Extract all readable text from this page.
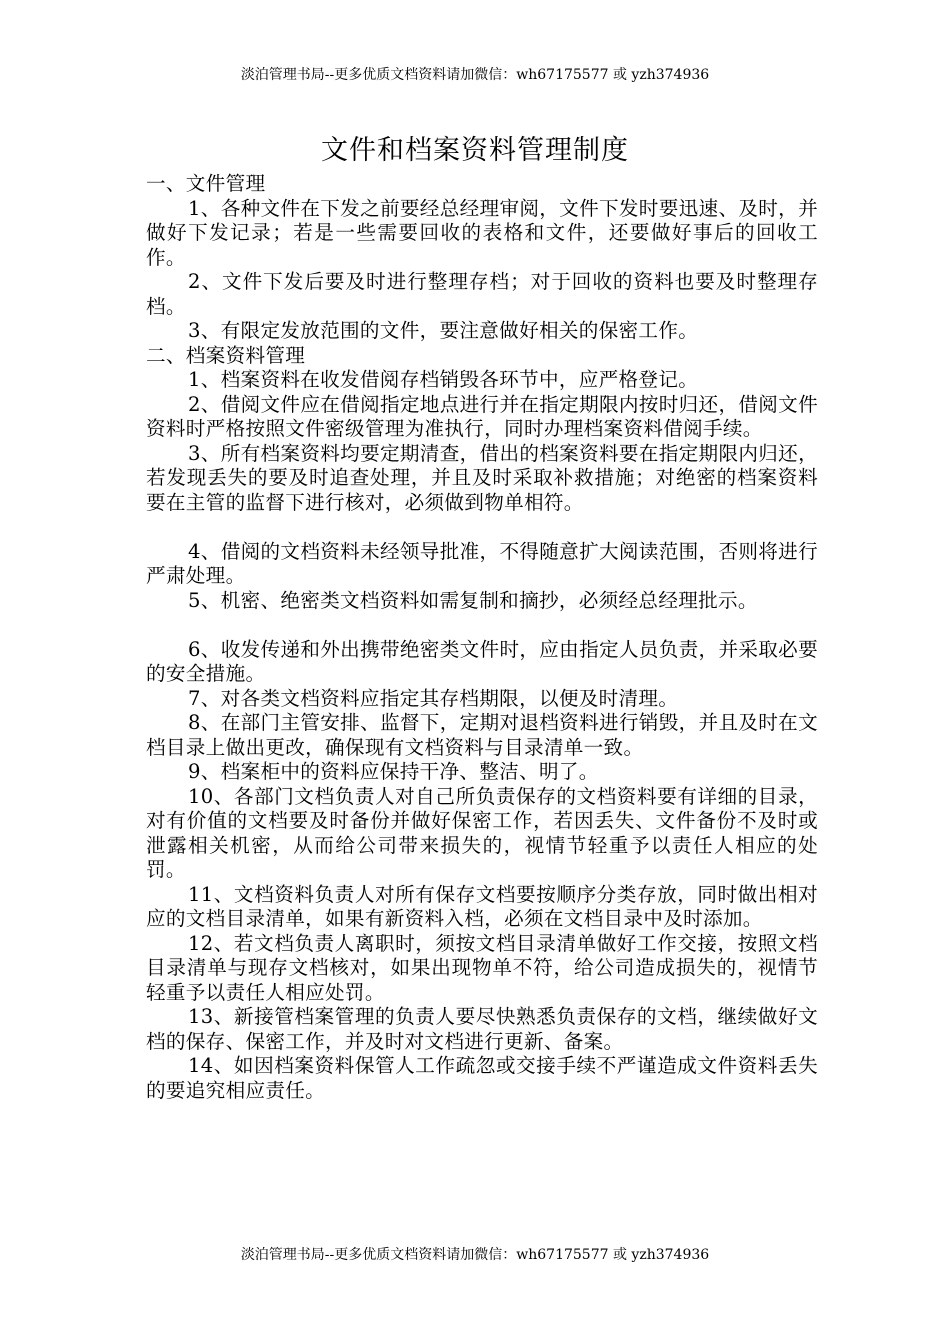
淡泊管理书局--更多优质文档资料请加微信：wh67175577 或 yzh374936
文件和档案资料管理制度
一、文件管理

1、各种文件在下发之前要经总经理审阅，文件下发时要迅速、及时，并做好下发记录；若是一些需要回收的表格和文件，还要做好事后的回收工作。

2、文件下发后要及时进行整理存档；对于回收的资料也要及时整理存档。

3、有限定发放范围的文件，要注意做好相关的保密工作。

二、档案资料管理

1、档案资料在收发借阅存档销毁各环节中，应严格登记。

2、借阅文件应在借阅指定地点进行并在指定期限内按时归还，借阅文件资料时严格按照文件密级管理为准执行，同时办理档案资料借阅手续。

3、所有档案资料均要定期清查，借出的档案资料要在指定期限内归还，若发现丢失的要及时追查处理，并且及时采取补救措施；对绝密的档案资料要在主管的监督下进行核对，必须做到物单相符。

4、借阅的文档资料未经领导批准，不得随意扩大阅读范围，否则将进行严肃处理。

5、机密、绝密类文档资料如需复制和摘抄，必须经总经理批示。

6、收发传递和外出携带绝密类文件时，应由指定人员负责，并采取必要的安全措施。

7、对各类文档资料应指定其存档期限，以便及时清理。

8、在部门主管安排、监督下，定期对退档资料进行销毁，并且及时在文档目录上做出更改，确保现有文档资料与目录清单一致。

9、档案柜中的资料应保持干净、整洁、明了。

10、各部门文档负责人对自己所负责保存的文档资料要有详细的目录，对有价值的文档要及时备份并做好保密工作，若因丢失、文件备份不及时或泄露相关机密，从而给公司带来损失的，视情节轻重予以责任人相应的处罚。

11、文档资料负责人对所有保存文档要按顺序分类存放，同时做出相对应的文档目录清单，如果有新资料入档，必须在文档目录中及时添加。

12、若文档负责人离职时，须按文档目录清单做好工作交接，按照文档目录清单与现存文档核对，如果出现物单不符，给公司造成损失的，视情节轻重予以责任人相应处罚。

13、新接管档案管理的负责人要尽快熟悉负责保存的文档，继续做好文档的保存、保密工作，并及时对文档进行更新、备案。

14、如因档案资料保管人工作疏忽或交接手续不严谨造成文件资料丢失的要追究相应责任。

淡泊管理书局--更多优质文档资料请加微信：wh67175577 或 yzh374936
